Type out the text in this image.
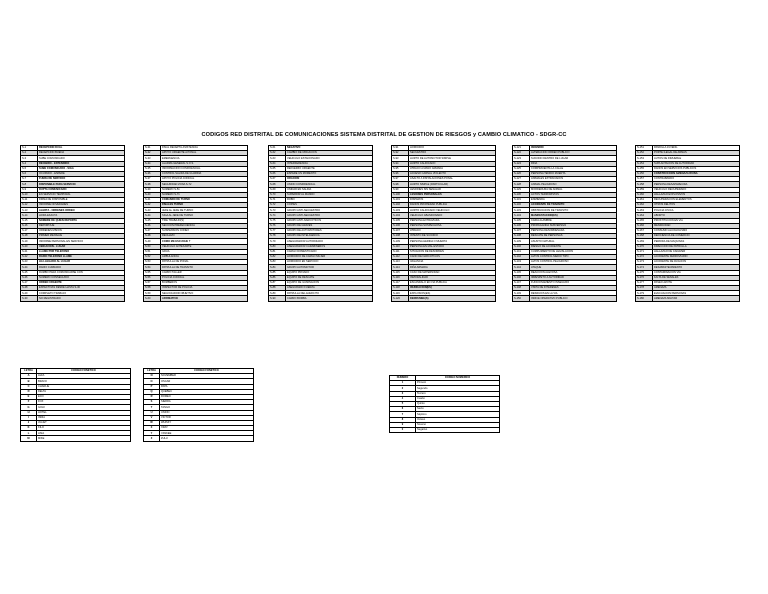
CODIGOS RED DISTRITAL DE COMUNICACIONES SISTEMA DISTRITAL DE GESTION DE RIESGOS y CAMBIO CLIMATICO - SDGR-CC
S-1	RECEPCION DUAL
S-2	RECEPCION BUENA
S-3	SUBE COMUNICADO
S-4	RECIBIDO - ENTENDIDO
S-5	SUBE COMUNICADO - SIGA
S-6	OCUPADO - ESPERE
S-7	FUERA DE SERVICIO
S-8	DISPONIBLE PARA SERVICIO
S-9	RUPTA COMUNICADO
S-10	EN SERVICIO TEMPORAL
S-11	FIRMA DE DISPONIBLE
S-12	INFORME NOVEDADES
S-13	ALERTA - ORDENES ORDEN
S-14	HORA EXACTA
S-15	NOMBRE DE QUIEN REPORTA
S-16	REPORTAJE
S-17	ORDENES MISION
S-18	PRIMER MENSAJE
S-19	INFORME PERSONAL EN SERVICIO
S-20	UBICACION - LUGAR
S-21	LLAME POR TELEFONO
S-22	RADIO TELEFONO LLAME
S-23	HA LLEGADO AL LUGAR
S-24	RADIO CURRADO
S-25	RUMBO PARA COMUNICARSE CON
S-26	NUMERO CONSEGUIDO
S-27	ORDEN URGENTE
S-28	EXPECTIVAS DESDE HASTA S-30
S-29	COMPLETO TRABAJO
S-30	NO REGISTRADO
S-31	FINAL RECEPTA ASISTENCIA
S-32	APOYO URGENTE A PONAL
S-33	EMERGENCIA
S-34	ALARMA GENERAL S.O.S.
S-35	INFORMACION CONFIDENCIAL
S-36	CONTROL SALIDA DE GUARDIA
S-37	APOYO POLICIA JUDICIAL
S-38	SEGURIDAD ZONA S-72
S-39	NUMERO S-51
S-40	NUMERO S-71
S-41	COMANDO DE TURNO
S-42	FINALES TURNO
S-43	JEFE AL JEFE DE TURNO
S-44	SIGA AL JEFE DE TURNO
S-45	TIRE TRABAJO(S)
S-46	SECCION PREFECUENCIA
S-47	SUSPENSION CONEX
S-48	RECHAZO
S-49	COMO ME ESCUCHE ?
S-50	VEHICULO ANTEXARTE
S-51	GRUA
S-52	AMBULANCIA
S-53	PATRULLA DE PONAL
S-54	PATRULLA DE TRANSITO
S-55	CARRO TALLER
S-56	POLICIA JUDICIAL
S-57	BOMBEROS
S-58	INSPECTOR DE POLICIA
S-59	NEGOCIADOR OBJETIVO
S-60	AFIRMATIVO
S-61	NEGATIVO
S-62	CAMBIO DE UBICACION
S-63	VEHICULO ESTACIONADO
S-64	INTERFERENCIA
S-65	REFUERZO URGENTE
S-66	ESPERE UN MOMENTO
S-67	ORACION
S-68	UNION CONFIDENCIAL
S-69	UNIDAD EN SALIDA
S-70	SUPERIOR AL MANDO
S-71	ROBO
S-72	COPIES
S-73	GRUPO ANTI-SECUESTRO
S-74	GRUPO ANTI-SECUESTRO
S-75	GRUPO ANTI-NARCOTICOS
S-76	GRUPO DE GRAVES
S-77	GRUPO DE AUTOMOTORES
S-78	GRUPO DE INTELIGENCIA
S-79	ASEGURADOR AUTORIZADO
S-80	ASEGURADOR CARABINEROS
S-81	CARGO DOMESTICADO
S-82	HOMICIDIO DE CARGO MUJER
S-83	HOMICIDIO EN SERVICIO
S-84	GRUPO AUTOMOTOR
S-85	EQUIPO PRIVADO
S-86	EQUIPO DE RESCATE
S-87	EQUIPO DE ILUMINACION
S-88	ASEGURADO FUERZA
S-89	PATRULLA DEL EJERCITO
S-90	CARRO BOMBA
S-91	HOMICIDIO
S-92	SECUESTRO
S-93	HURTO DE AUTOMOTOR SIMPLE
S-94	HURTO CALIFICADO
S-95	ATRACO A MANO ARMADA
S-96	ACCESO CARNAL VIOLENTO
S-97	ASALTO A INSTALACIONES PONAL
S-98	HURTO SIMPLE (PARTICULAR)
S-99	LESIONES SIN SEÑALAR
S-100	LESIONES PERSONALES
S-101	DISPAROS
S-102	DAÑOS PROPIEDAD PUBLICA
S-103	HURTO CALIFICADO VEHICULO
S-104	VEHICULO ABANDONADO
S-105	PERSONA EXTRAVIADA
S-106	PERSONA SOSPECHOSA
S-107	ATRACO
S-108	INTENTO DE SUICIDIO
S-109	PERSONA HERIDA O MUERTA
S-110	PERSONA EN MAL ESTADO
S-111	SITUACION DE DESORDEN
S-112	CAÑO DE NARCOTICOS
S-113	VAGANCIA
S-114	RIÑA ARMADA
S-115	CASO DE MATERNIDAD
S-116	INMORALIDAD
S-117	ESCANDALO EN VIA PUBLICA
S-118	INUNDACION(ES)
S-119	EXPLOSION(ES)
S-120	DERRUMBE(S)
S-121	INCENDIO
S-122	ALTERACION ORDEN PUBLICO
S-123	SUICIDIO DENTRO DE LUGAR
S-124	RIÑA
S-125	COMPRAVENTA LA CALLE
S-126	PERSONA TENIDO MUERTA
S-127	ANIMALES EXTRAVIADOS
S-128	ANIMAL PELIGROSO
S-129	MORDEDURA DE ANIMAL
S-130	ACTOS TERRORISTAS
S-131	ENMIENDA
S-132	ACCIDENTE DE TRANSITO
S-133	OBSTRUCCION DE TRANSITO
S-134	MANIFESTACION(ES)
S-135	CAIDA ALAMBRE
S-136	PROPAGANDA SUBVERSIVA
S-137	PERSONA DESORDENADA
S-138	RESCATE DE PERSONAS
S-139	ASUNTO NATURAL
S-140	RIESGO DE ACCIDENTE
S-141	CUMPLIMIENTO DE LEGISLACION
S-142	ALTOS CONTROL MEDIO TIPO
S-143	ALTOS CONTROL PELIGROSO
S-144	ATAQUE
S-145	REACCION ALEVOSA
S-146	IRRESPETO A AUTORIDAD
S-147	FUNCIONAMIENTO INSEGURO
S-148	VISITA DE INTERESES
S-149	RESIDUOS EN LA VIA
S-150	INDICE OPERATIVO PUBLICO
S-151	PANDILLA JUVENIL
S-152	PORTE ILEGAL DE ARMAS
S-153	AUTOS DE INMUEBLE
S-154	SUPLANTACION DE AUTORIDAD
S-155	DAÑOS EN SERVICIOS PUBLICOS
S-156	CONSTRUCCION AMENAZA RUINA
S-157	CONTRABANDO
S-158	PERSONA DESAPARECIDA
S-159	VEHICULO RECUPERADO
S-160	HALLAZGO EXPLOSIVOS
S-161	RECUPERACION ELEMENTOS
S-162	OTROS DELITOS
S-163	POLICIA CIVICA
S-164	ABORTO
S-165	PROSTITUCION EN VIA
S-166	MENDICIDAD
S-167	CONSUMO ALCOHOLISMO
S-168	DEFICIENCIA DE COMERCIO
S-169	PERDIDA DE MAQUINAS
S-170	DIRECCION DE PATRULLA
S-171	HALLAZGO DE CADAVER
S-172	ACCIDENTE FERROVIARIO
S-173	ACCIDENTE DE AVIACION
S-174	DESABASTECIMIENTO
S-175	CONTAMINACION VIA
S-176	FALTA DE SENALES
S-177	PASEO AZOTE
S-178	AMENAZA
S-179	EVACUACION PERSONAS
S-180	AMENAZA MILITAR
LETRA	CODIGO FONETICO
A	ALFA
B	BRAVO
C	CHARLIE
D	DELTA
E	ECO
F	FOX
G	GOLF
H	HOTEL
I	INDIA
J	JULIET
K	KILO
L	LIMA
M	MIKE
LETRA	CODIGO FONETICO
N	NOVEMBER
O	OSCAR
P	PAPA
Q	QUEBEC
R	ROMEO
S	SIERRA
T	TANGO
U	UNION
V	VICTOR
W	WHISKY
X	XRAY
Y	YANKEE
Z	ZULU
NUMERO	CODIGO NUMERICO
1	Primero
2	Segundo
3	Tercero
4	Cuarto
5	Quinto
6	Sexto
7	Séptimo
8	Octavo
9	Noveno
0	Negativo
